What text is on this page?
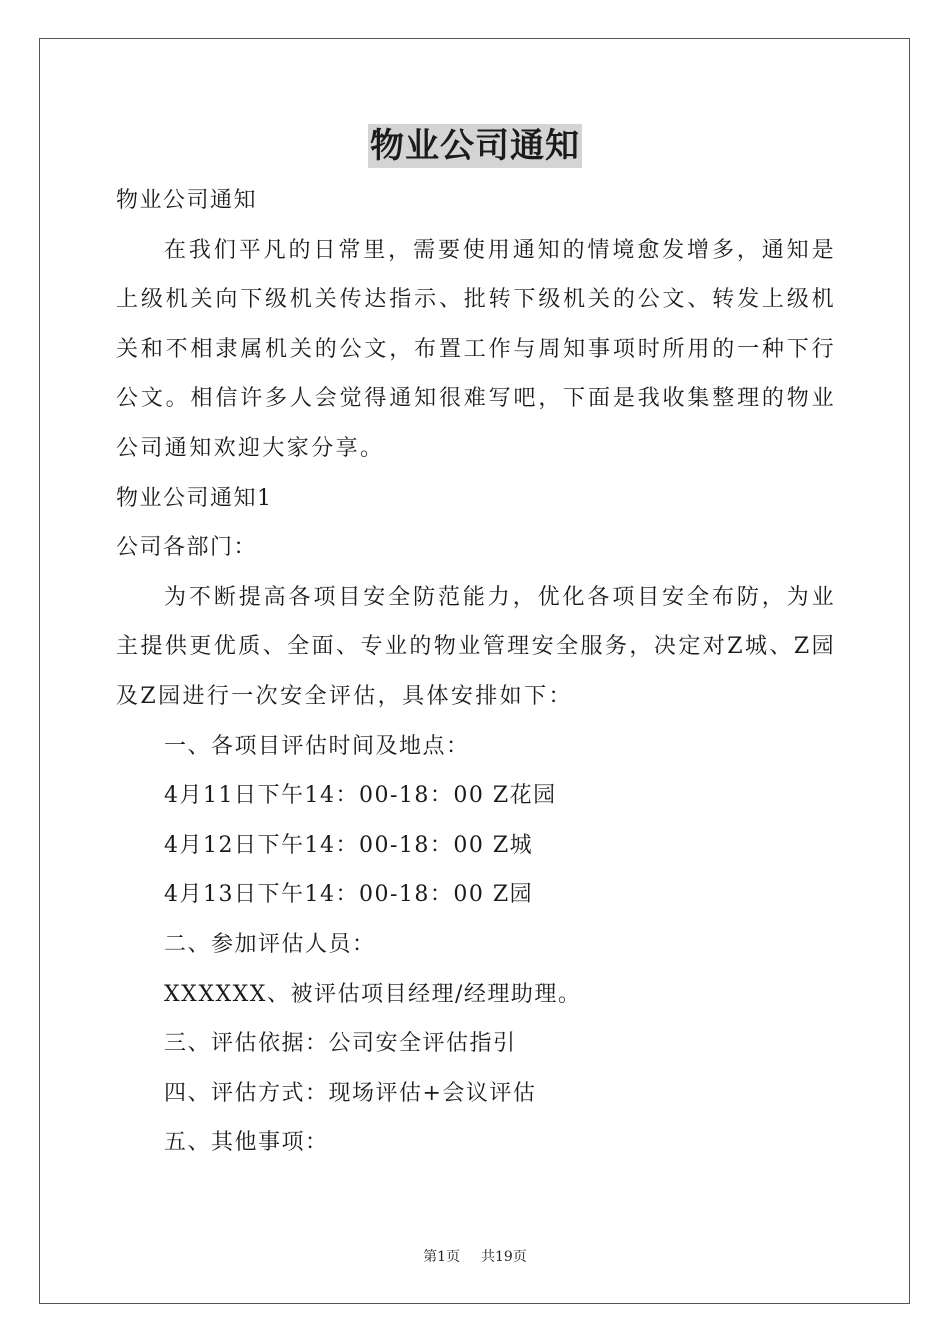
物业公司通知

物业公司通知

在我们平凡的日常里，需要使用通知的情境愈发增多，通知是上级机关向下级机关传达指示、批转下级机关的公文、转发上级机关和不相隶属机关的公文，布置工作与周知事项时所用的一种下行公文。相信许多人会觉得通知很难写吧，下面是我收集整理的物业公司通知欢迎大家分享。

物业公司通知1

公司各部门：

为不断提高各项目安全防范能力，优化各项目安全布防，为业主提供更优质、全面、专业的物业管理安全服务，决定对Z城、Z园及Z园进行一次安全评估，具体安排如下：

一、各项目评估时间及地点：

4月11日下午14：00-18：00 Z花园

4月12日下午14：00-18：00 Z城

4月13日下午14：00-18：00 Z园

二、参加评估人员：

XXXXXX、被评估项目经理/经理助理。

三、评估依据：公司安全评估指引

四、评估方式：现场评估+会议评估

五、其他事项：

第1页 共19页
